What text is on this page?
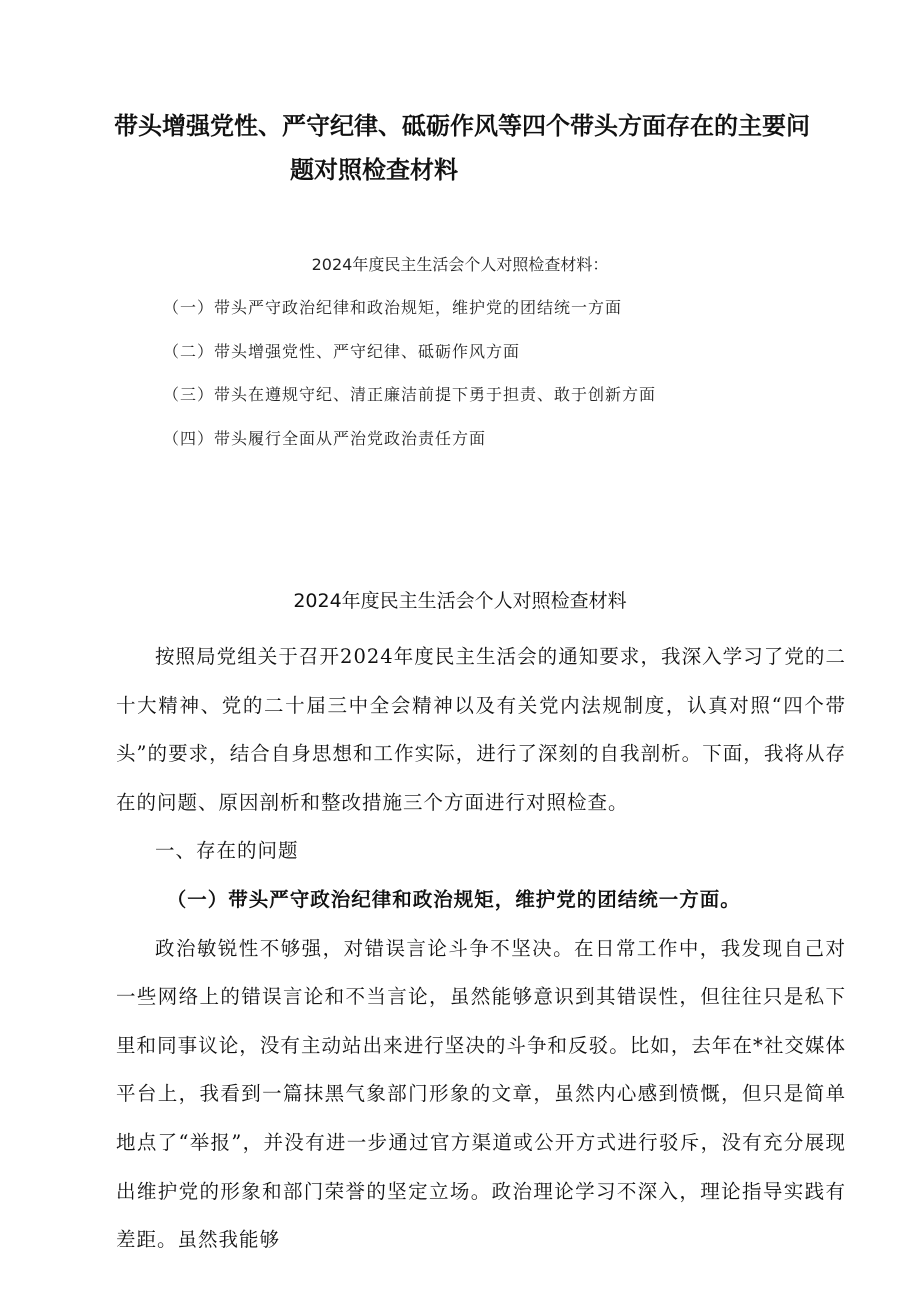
带头增强党性、严守纪律、砥砺作风等四个带头方面存在的主要问
题对照检查材料
2024年度民主生活会个人对照检查材料：
（一）带头严守政治纪律和政治规矩，维护党的团结统一方面
（二）带头增强党性、严守纪律、砥砺作风方面
（三）带头在遵规守纪、清正廉洁前提下勇于担责、敢于创新方面
（四）带头履行全面从严治党政治责任方面
2024年度民主生活会个人对照检查材料

按照局党组关于召开2024年度民主生活会的通知要求，我深入学习了党的二十大精神、党的二十届三中全会精神以及有关党内法规制度，认真对照“四个带头”的要求，结合自身思想和工作实际，进行了深刻的自我剖析。下面，我将从存在的问题、原因剖析和整改措施三个方面进行对照检查。

一、存在的问题

（一）带头严守政治纪律和政治规矩，维护党的团结统一方面。

政治敏锐性不够强，对错误言论斗争不坚决。在日常工作中，我发现自己对一些网络上的错误言论和不当言论，虽然能够意识到其错误性，但往往只是私下里和同事议论，没有主动站出来进行坚决的斗争和反驳。比如，去年在*社交媒体平台上，我看到一篇抹黑气象部门形象的文章，虽然内心感到愤慨，但只是简单地点了“举报”，并没有进一步通过官方渠道或公开方式进行驳斥，没有充分展现出维护党的形象和部门荣誉的坚定立场。政治理论学习不深入，理论指导实践有差距。虽然我能够
